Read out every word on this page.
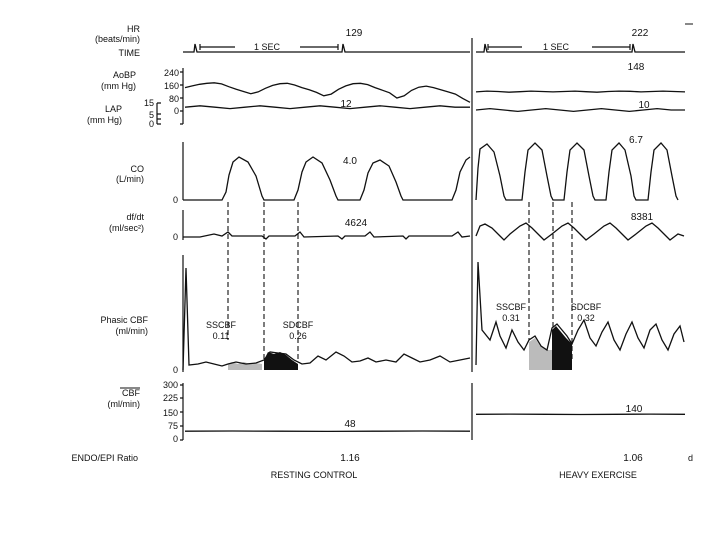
HR
(beats/min)
TIME
AoBP
(mm Hg)
LAP
(mm Hg)
CO
(L/min)
df/dt
(ml/sec²)
Phasic CBF
(ml/min)
CBF
(ml/min)
ENDO/EPI Ratio
240
160
80
0
15
5
0
0
0
0
300
225
150
75
0
129	222
1 SEC	1 SEC
148
12	10
4.0
6.7
4624
8381
SSCBF
0.11
SDCBF
0.26
SSCBF
0.31
SDCBF
0.32
48
140
1.16	1.06	d
RESTING CONTROL	HEAVY EXERCISE
